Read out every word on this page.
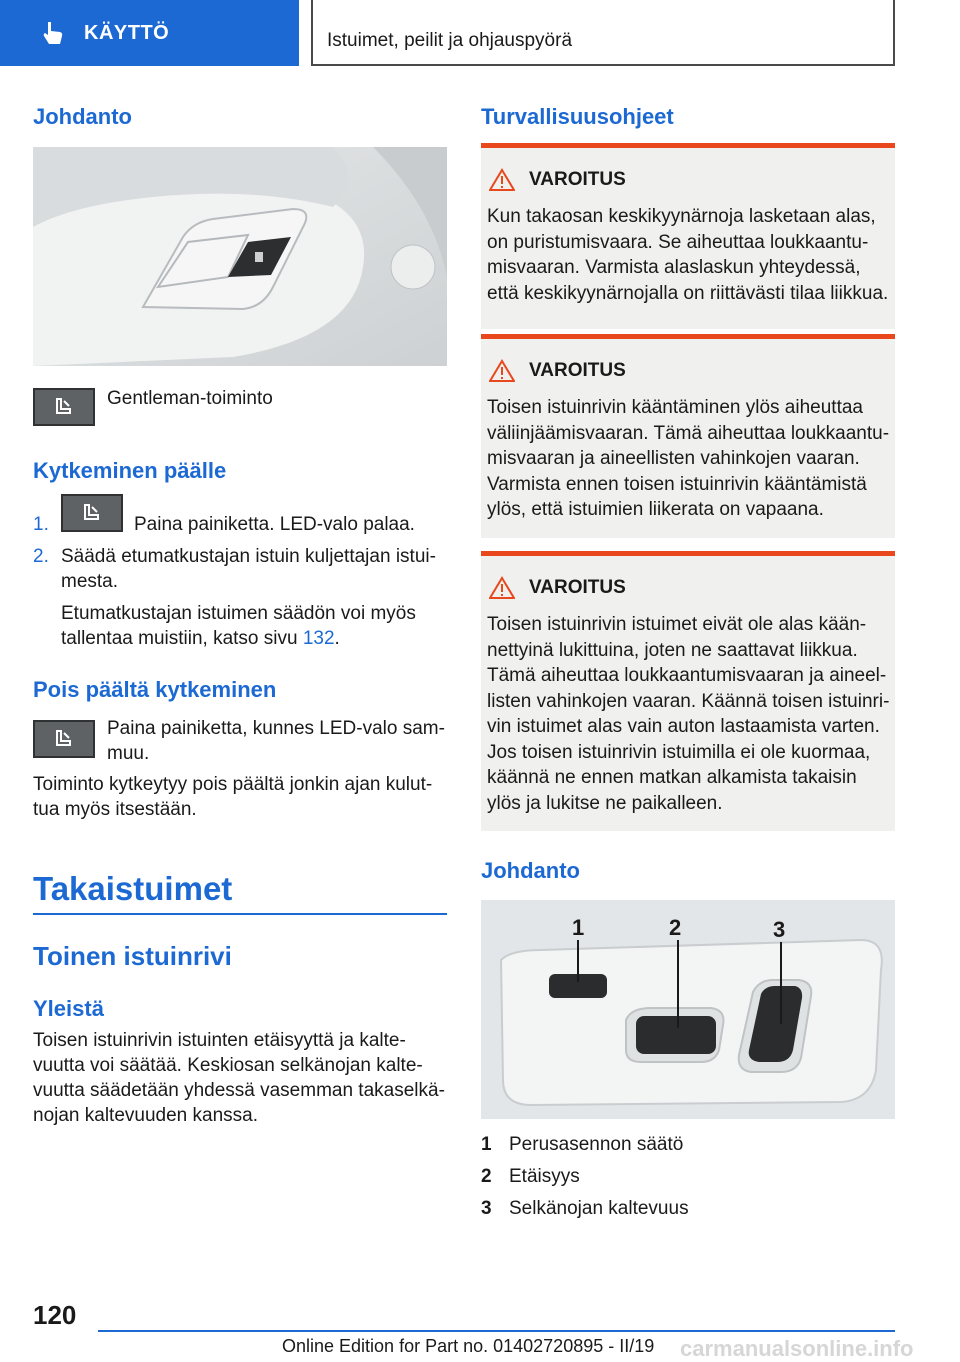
KÄYTTÖ	Istuimet, peilit ja ohjauspyörä
Johdanto
Gentleman-toiminto
Kytkeminen päälle
1.	Paina painiketta. LED-valo palaa.
2. Säädä etumatkustajan istuin kuljettajan istui-mesta.
Etumatkustajan istuimen säädön voi myös tallentaa muistiin, katso sivu 132.
Pois päältä kytkeminen
Paina painiketta, kunnes LED-valo sam-muu.
Toiminto kytkeytyy pois päältä jonkin ajan kulut-tua myös itsestään.
Takaistuimet
Toinen istuinrivi
Yleistä
Toisen istuinrivin istuinten etäisyyttä ja kalte-vuutta voi säätää. Keskiosan selkänojan kalte-vuutta säädetään yhdessä vasemman takaselkä-nojan kaltevuuden kanssa.
Turvallisuusohjeet
VAROITUS
Kun takaosan keskikyynärnoja lasketaan alas, on puristumisvaara. Se aiheuttaa loukkaantu-misvaaran. Varmista alaslaskun yhteydessä, että keskikyynärnojalla on riittävästi tilaa liikkua.
VAROITUS
Toisen istuinrivin kääntäminen ylös aiheuttaa väliinjäämisvaaran. Tämä aiheuttaa loukkaantu-misvaaran ja aineellisten vahinkojen vaaran. Varmista ennen toisen istuinrivin kääntämistä ylös, että istuimien liikerata on vapaana.
VAROITUS
Toisen istuinrivin istuimet eivät ole alas kään-nettyinä lukittuina, joten ne saattavat liikkua. Tämä aiheuttaa loukkaantumisvaaran ja aineel-listen vahinkojen vaaran. Käännä toisen istuinri-vin istuimet alas vain auton lastaamista varten. Jos toisen istuinrivin istuimilla ei ole kuormaa, käännä ne ennen matkan alkamista takaisin ylös ja lukitse ne paikalleen.
Johdanto
1	2	3
1 Perusasennon säätö
2 Etäisyys
3 Selkänojan kaltevuus
120
Online Edition for Part no. 01402720895 - II/19 carmanualsonline.info
